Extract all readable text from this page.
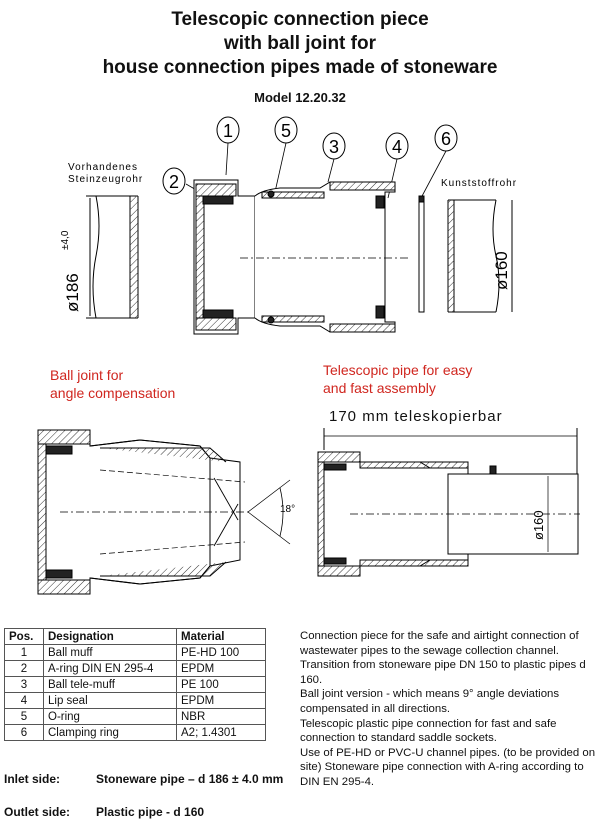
Telescopic connection piece
with ball joint for
house connection pipes made of stoneware
Model 12.20.32
1
2
5
3	4 6
Vorhandenes
Steinzeugrohr
ø186
±4,0
Kunststoffrohr
ø160
18°
ø160
Ball joint for
angle compensation
Telescopic pipe for easy
and fast assembly
170 mm teleskopierbar
Pos.	Designation	Material
1	Ball muff	PE-HD 100
2	A-ring DIN EN 295-4	EPDM
3	Ball tele-muff	PE 100
4	Lip seal	EPDM
5	O-ring	NBR
6	Clamping ring	A2; 1.4301

Connection piece for the safe and airtight connection of wastewater pipes to the sewage collection channel.

Transition from stoneware pipe DN 150 to plastic pipes d 160.

Ball joint version - which means 9° angle deviations compensated in all directions.

Telescopic plastic pipe connection for fast and safe connection to standard saddle sockets.

Use of PE-HD or PVC-U channel pipes. (to be provided on site) Stoneware pipe connection with A-ring according to DIN EN 295-4.

Inlet side:	Stoneware pipe – d 186 ± 4.0 mm
Outlet side: Plastic pipe - d 160
